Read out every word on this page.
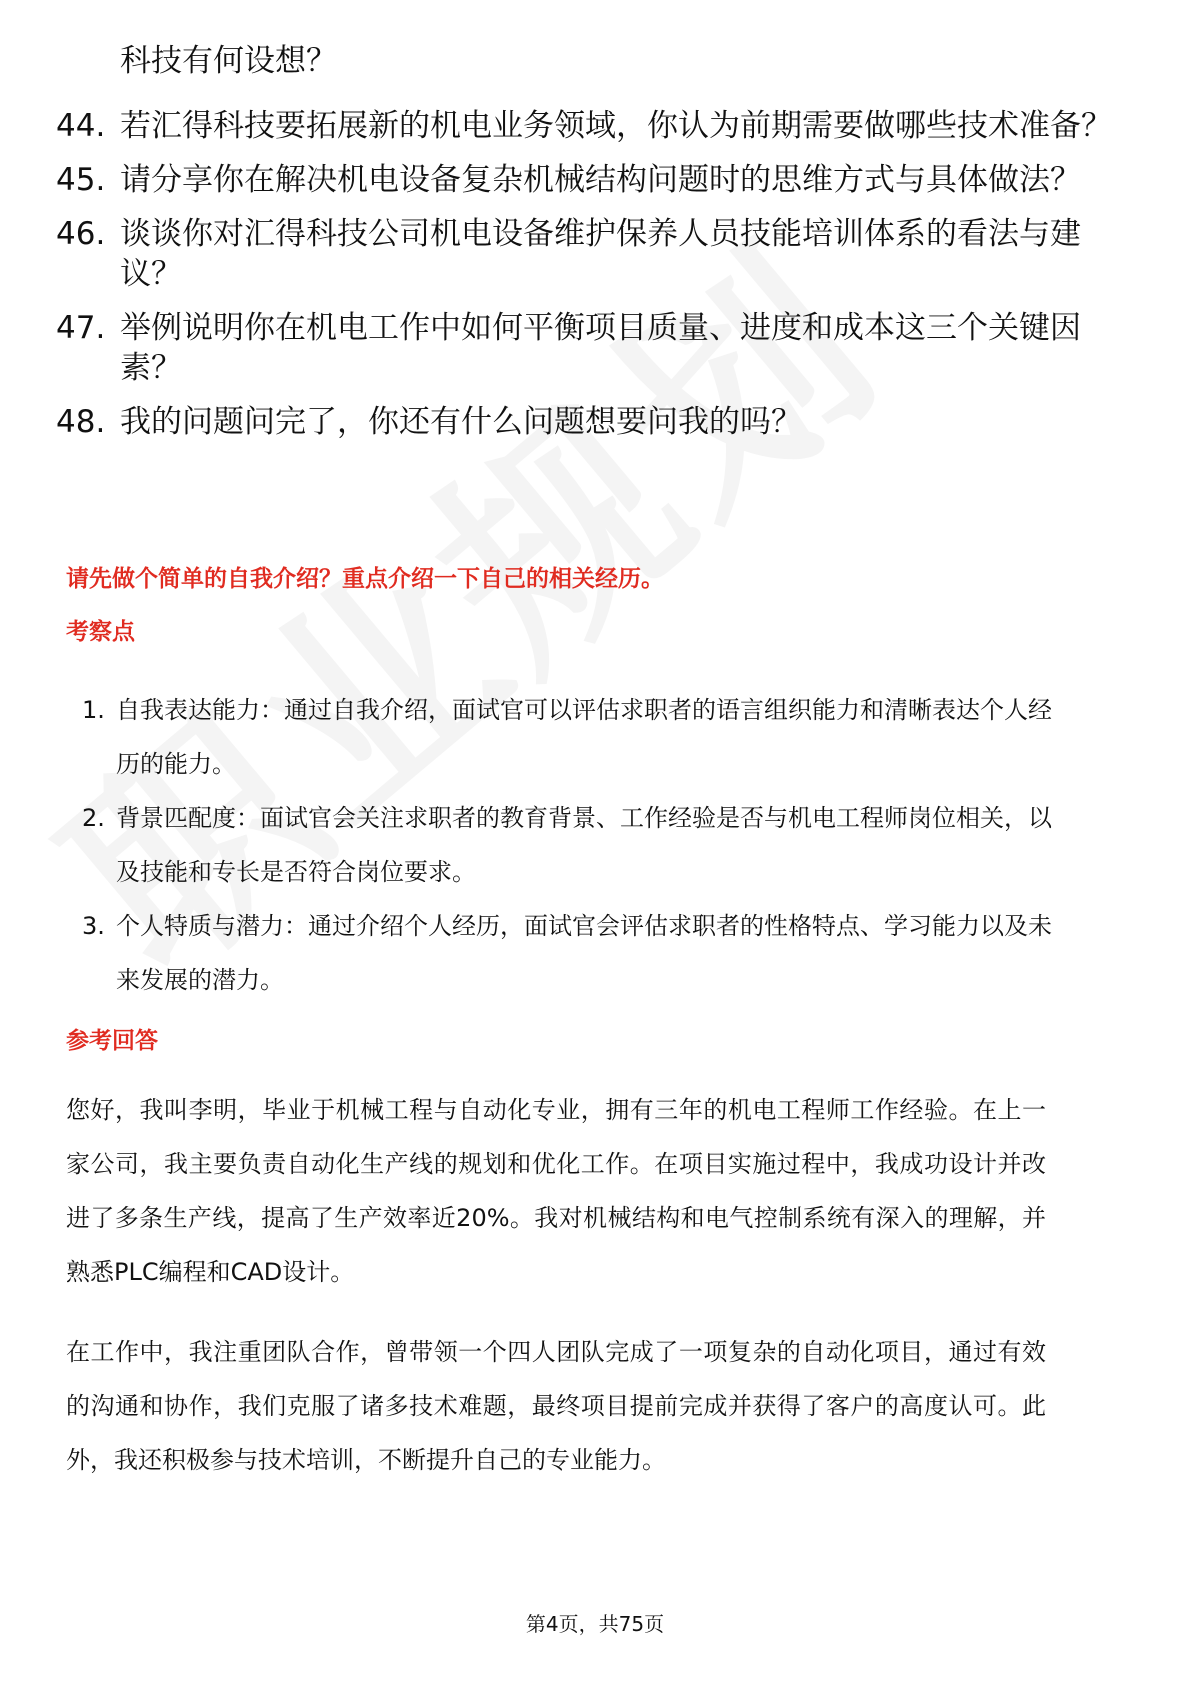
科技有何设想？
44. 若汇得科技要拓展新的机电业务领域，你认为前期需要做哪些技术准备？
45. 请分享你在解决机电设备复杂机械结构问题时的思维方式与具体做法？
46. 谈谈你对汇得科技公司机电设备维护保养人员技能培训体系的看法与建议？
47. 举例说明你在机电工作中如何平衡项目质量、进度和成本这三个关键因素？
48. 我的问题问完了，你还有什么问题想要问我的吗？
请先做个简单的自我介绍？重点介绍一下自己的相关经历。
考察点
1. 自我表达能力：通过自我介绍，面试官可以评估求职者的语言组织能力和清晰表达个人经历的能力。
2. 背景匹配度：面试官会关注求职者的教育背景、工作经验是否与机电工程师岗位相关，以及技能和专长是否符合岗位要求。
3. 个人特质与潜力：通过介绍个人经历，面试官会评估求职者的性格特点、学习能力以及未来发展的潜力。
参考回答
您好，我叫李明，毕业于机械工程与自动化专业，拥有三年的机电工程师工作经验。在上一家公司，我主要负责自动化生产线的规划和优化工作。在项目实施过程中，我成功设计并改进了多条生产线，提高了生产效率近20%。我对机械结构和电气控制系统有深入的理解，并熟悉PLC编程和CAD设计。
在工作中，我注重团队合作，曾带领一个四人团队完成了一项复杂的自动化项目，通过有效的沟通和协作，我们克服了诸多技术难题，最终项目提前完成并获得了客户的高度认可。此外，我还积极参与技术培训，不断提升自己的专业能力。
第4页，共75页
